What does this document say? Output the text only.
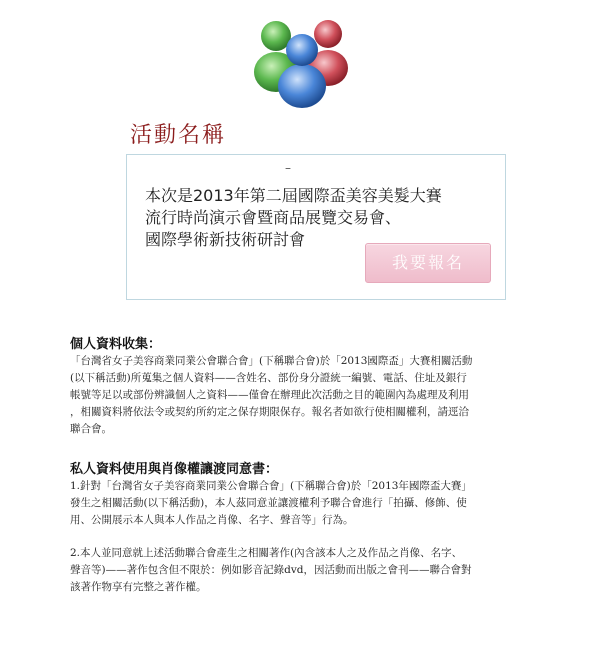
活動名稱
–
本次是2013年第二屆國際盃美容美髮大賽
流行時尚演示會暨商品展覽交易會、
國際學術新技術研討會
我要報名
個人資料收集：

「台灣省女子美容商業同業公會聯合會」(下稱聯合會)於「2013國際盃」大賽相關活動
(以下稱活動)所蒐集之個人資料——含姓名、部份身分證統一編號、電話、住址及銀行
帳號等足以或部份辨識個人之資料——僅會在辦理此次活動之目的範圍內為處理及利用
，相關資料將依法令或契約所約定之保存期限保存。報名者如欲行使相關權利，請逕洽
聯合會。

私人資料使用與肖像權讓渡同意書：

1.針對「台灣省女子美容商業同業公會聯合會」(下稱聯合會)於「2013年國際盃大賽」
發生之相關活動(以下稱活動)，本人茲同意並讓渡權利予聯合會進行「拍攝、修飾、使
用、公開展示本人與本人作品之肖像、名字、聲音等」行為。

2.本人並同意就上述活動聯合會產生之相關著作(內含該本人之及作品之肖像、名字、
聲音等)——著作包含但不限於：例如影音記錄dvd，因活動而出版之會刊——聯合會對
該著作物享有完整之著作權。
